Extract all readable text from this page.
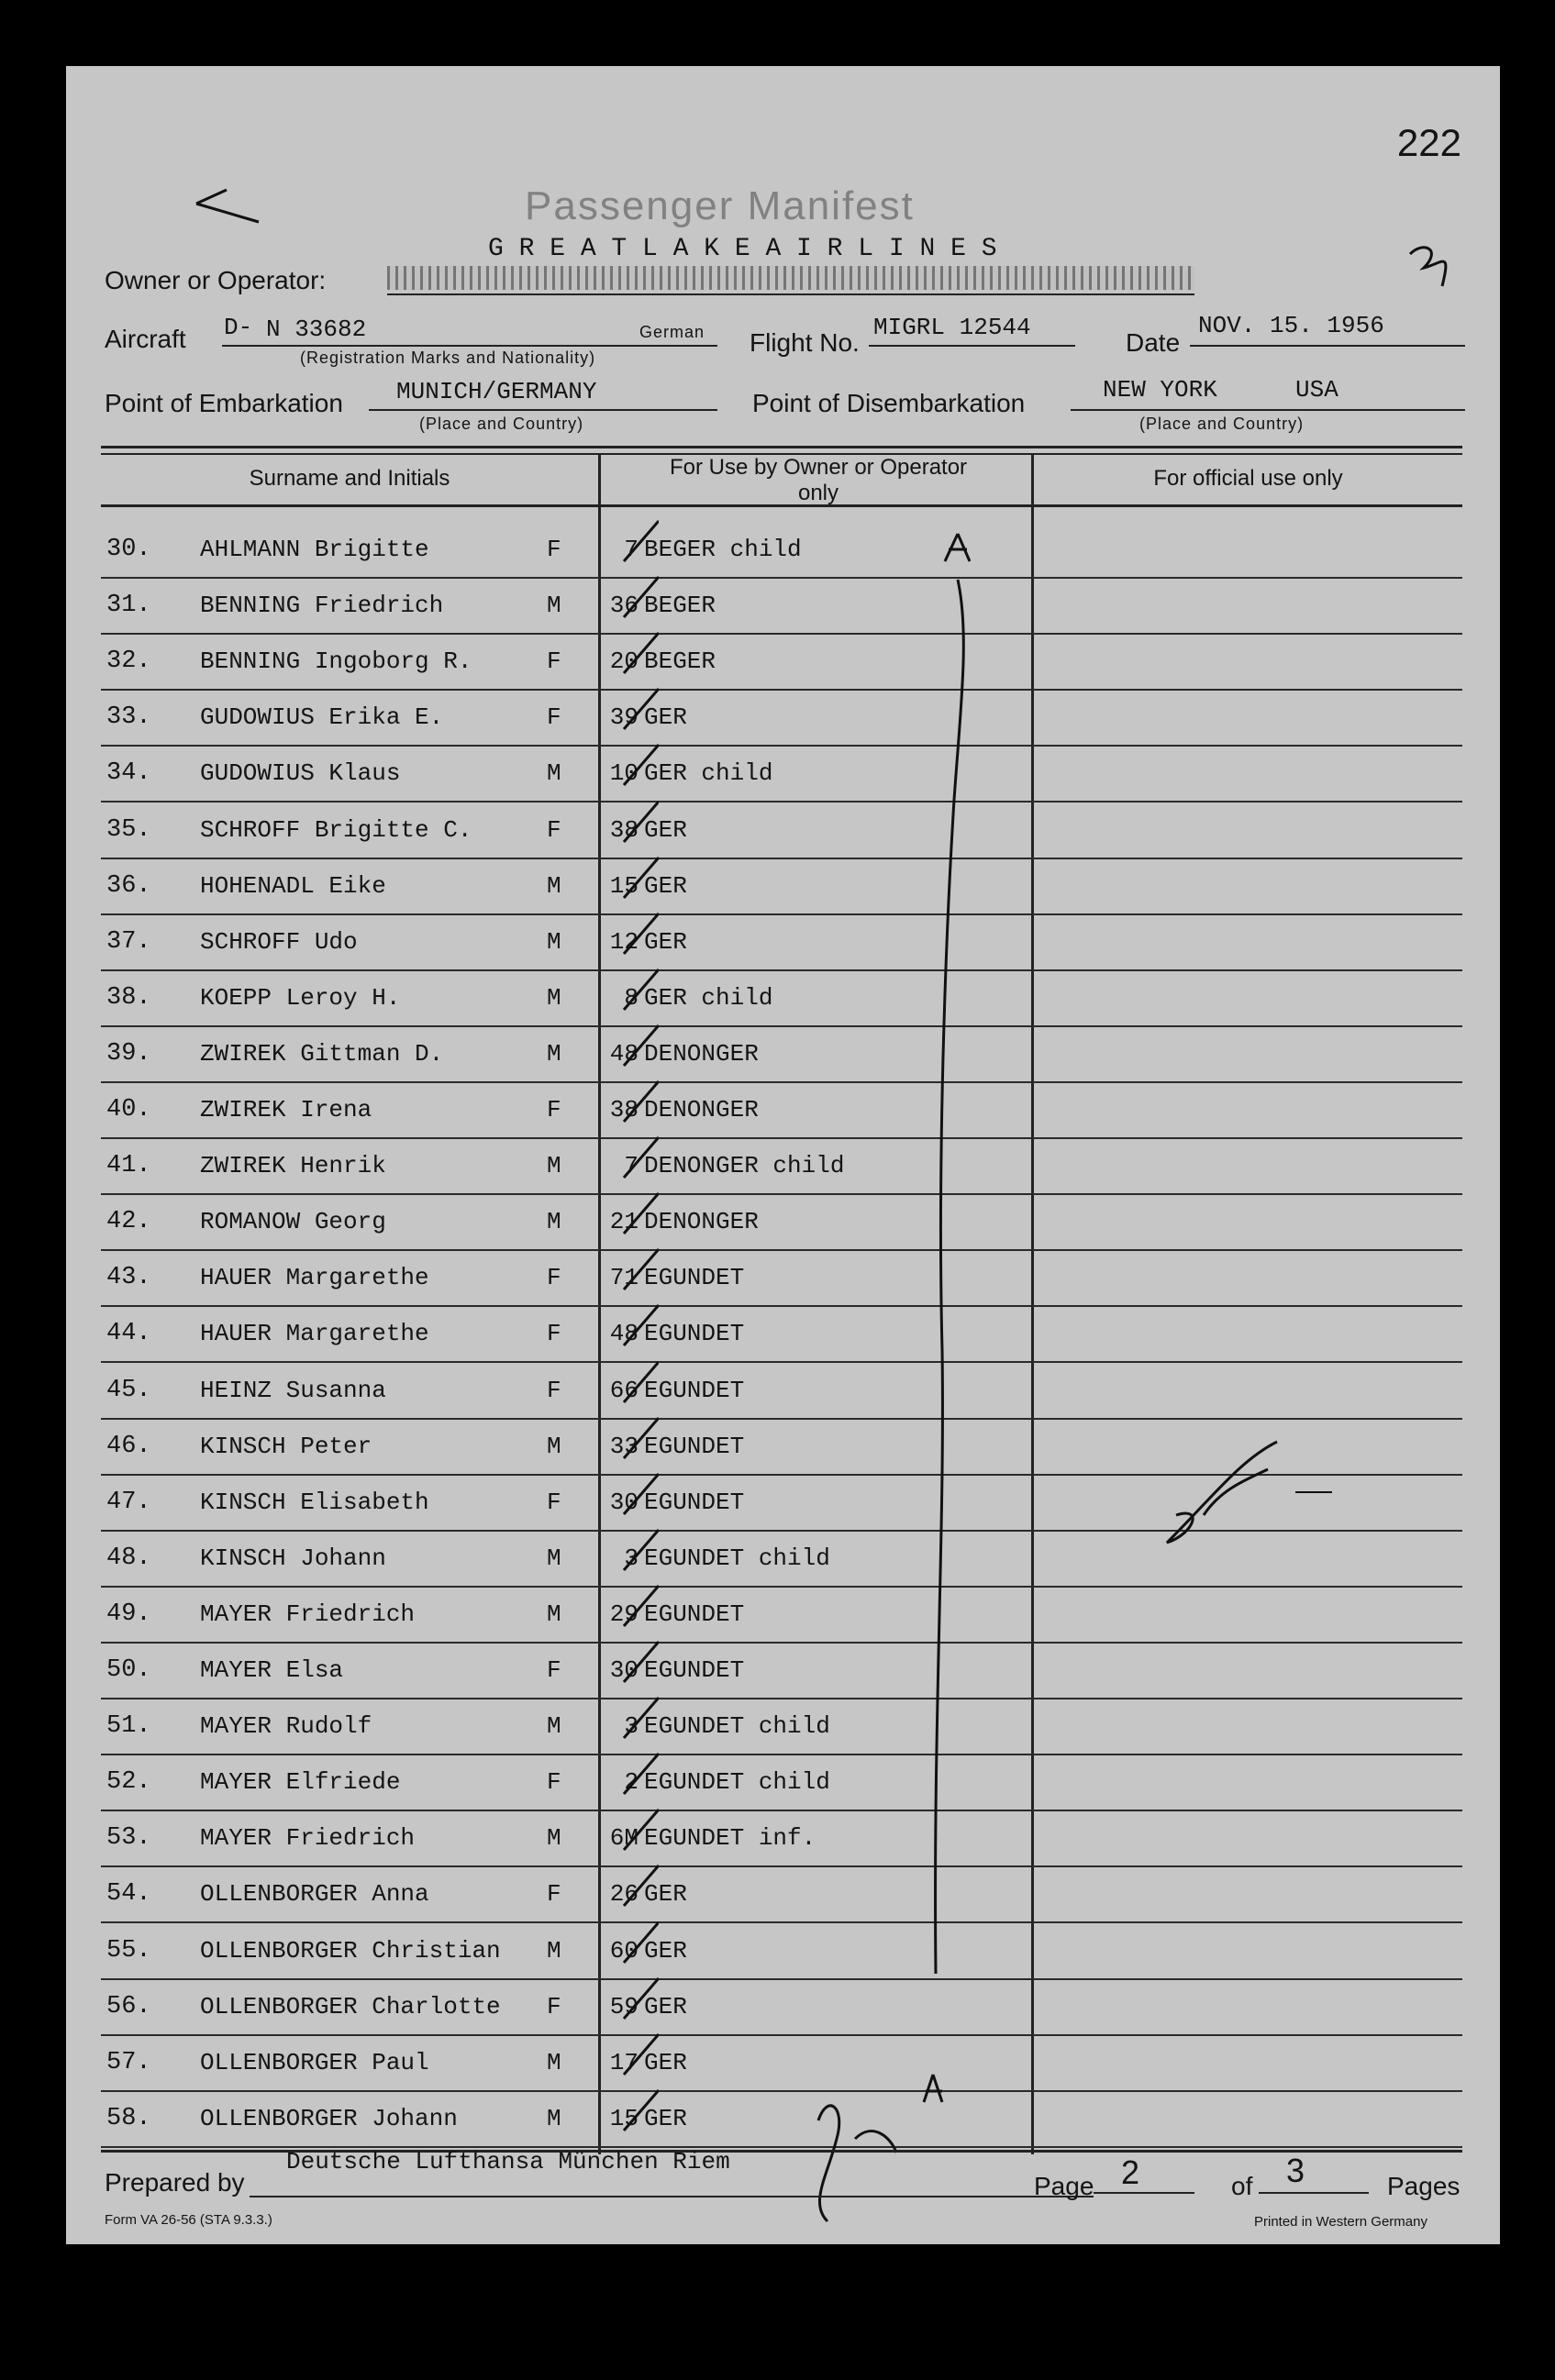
222
Passenger Manifest
Owner or Operator:
G R E A T L A K E A I R L I N E S
Aircraft D- N 33682	German
(Registration Marks and Nationality)
Flight No.
MIGRL 12544
Date
NOV. 15. 1956
Point of Embarkation MUNICH/GERMANY
(Place and Country)
Point of Disembarkation	NEW YORK	USA
(Place and Country)
Surname and Initials	For Use by Owner or Operator only
For official use only
30. AHLMANN Brigitte	F	7 BEGER child
31. BENNING Friedrich	M	36 BEGER
32. BENNING Ingoborg R.	F	20 BEGER
33. GUDOWIUS Erika E.	F	39 GER
34. GUDOWIUS Klaus	M	10 GER child
35. SCHROFF Brigitte C.	F	38 GER
36. HOHENADL Eike	M	15 GER
37. SCHROFF Udo	M	12 GER
38. KOEPP Leroy H.	M	8 GER child
39. ZWIREK Gittman D.	M	48 DENONGER
40. ZWIREK Irena	F	38 DENONGER
41. ZWIREK Henrik	M	7 DENONGER child
42. ROMANOW Georg	M	21 DENONGER
43. HAUER Margarethe	F	71 EGUNDET
44. HAUER Margarethe	F	48 EGUNDET
45. HEINZ Susanna	F	66 EGUNDET
46. KINSCH Peter	M	33 EGUNDET
47. KINSCH Elisabeth	F	30 EGUNDET
48. KINSCH Johann	M	3 EGUNDET child
49. MAYER Friedrich	M	29 EGUNDET
50. MAYER Elsa	F	30 EGUNDET
51. MAYER Rudolf	M	3 EGUNDET child
52. MAYER Elfriede	F	2 EGUNDET child
53. MAYER Friedrich	M	6M EGUNDET inf.
54. OLLENBORGER Anna	F	26 GER
55. OLLENBORGER Christian M	60 GER
56. OLLENBORGER Charlotte F	59 GER
57. OLLENBORGER Paul	M	17 GER
58. OLLENBORGER Johann	M	15 GER
Prepared by
Deutsche Lufthansa München Riem
Page 2	of 3	Pages
Form VA 26-56 (STA 9.3.3.)	Printed in Western Germany
